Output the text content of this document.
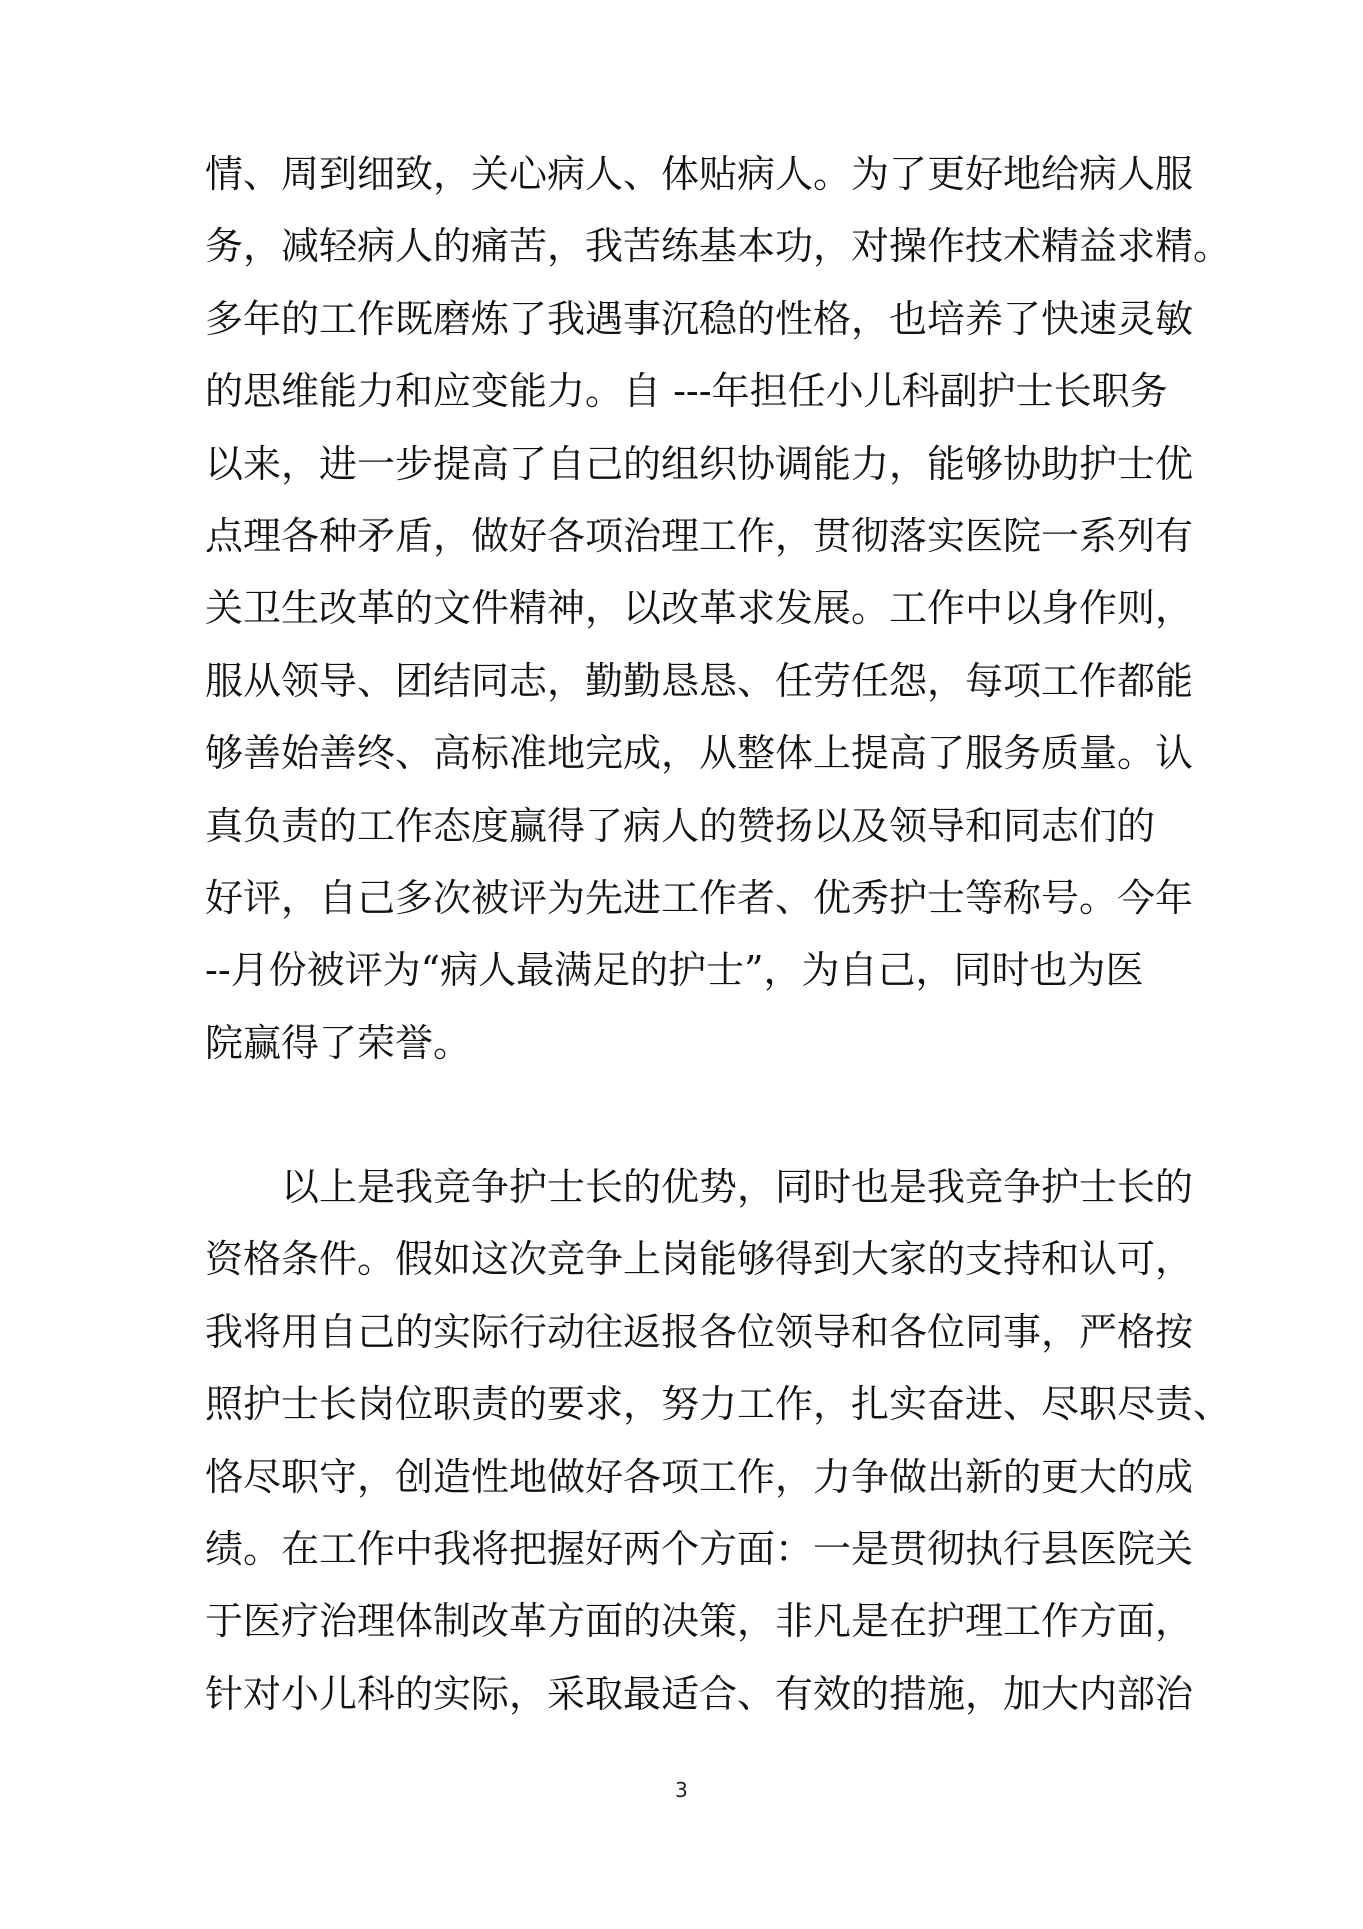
情、周到细致，关心病人、体贴病人。为了更好地给病人服

务，减轻病人的痛苦，我苦练基本功，对操作技术精益求精。

多年的工作既磨炼了我遇事沉稳的性格，也培养了快速灵敏

的思维能力和应变能力。自 ---年担任小儿科副护士长职务

以来，进一步提高了自己的组织协调能力，能够协助护士优

点理各种矛盾，做好各项治理工作，贯彻落实医院一系列有

关卫生改革的文件精神，以改革求发展。工作中以身作则，

服从领导、团结同志，勤勤恳恳、任劳任怨，每项工作都能

够善始善终、高标准地完成，从整体上提高了服务质量。认

真负责的工作态度赢得了病人的赞扬以及领导和同志们的

好评，自己多次被评为先进工作者、优秀护士等称号。今年

--月份被评为“病人最满足的护士”，为自己，同时也为医

院赢得了荣誉。

以上是我竞争护士长的优势，同时也是我竞争护士长的

资格条件。假如这次竞争上岗能够得到大家的支持和认可，

我将用自己的实际行动往返报各位领导和各位同事，严格按

照护士长岗位职责的要求，努力工作，扎实奋进、尽职尽责、

恪尽职守，创造性地做好各项工作，力争做出新的更大的成

绩。在工作中我将把握好两个方面：一是贯彻执行县医院关

于医疗治理体制改革方面的决策，非凡是在护理工作方面，

针对小儿科的实际，采取最适合、有效的措施，加大内部治

3
